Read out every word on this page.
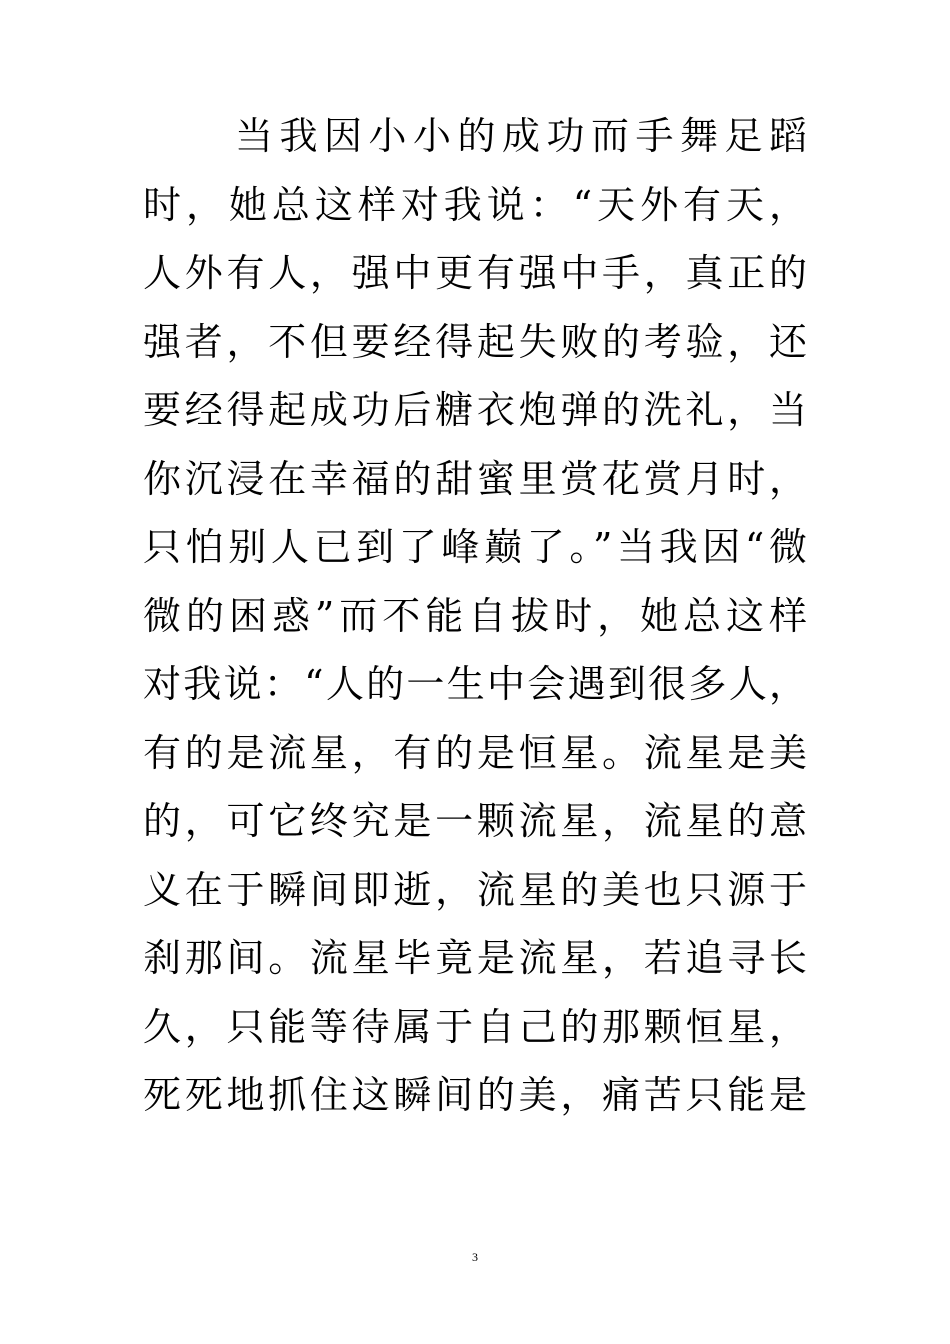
当我因小小的成功而手舞足蹈
时，她总这样对我说：“天外有天，
人外有人，强中更有强中手，真正的
强者，不但要经得起失败的考验，还
要经得起成功后糖衣炮弹的洗礼，当
你沉浸在幸福的甜蜜里赏花赏月时，
只怕别人已到了峰巅了。”当我因“微
微的困惑”而不能自拔时，她总这样
对我说：“人的一生中会遇到很多人，
有的是流星，有的是恒星。流星是美
的，可它终究是一颗流星，流星的意
义在于瞬间即逝，流星的美也只源于
刹那间。流星毕竟是流星，若追寻长
久，只能等待属于自己的那颗恒星，
死死地抓住这瞬间的美，痛苦只能是
3
